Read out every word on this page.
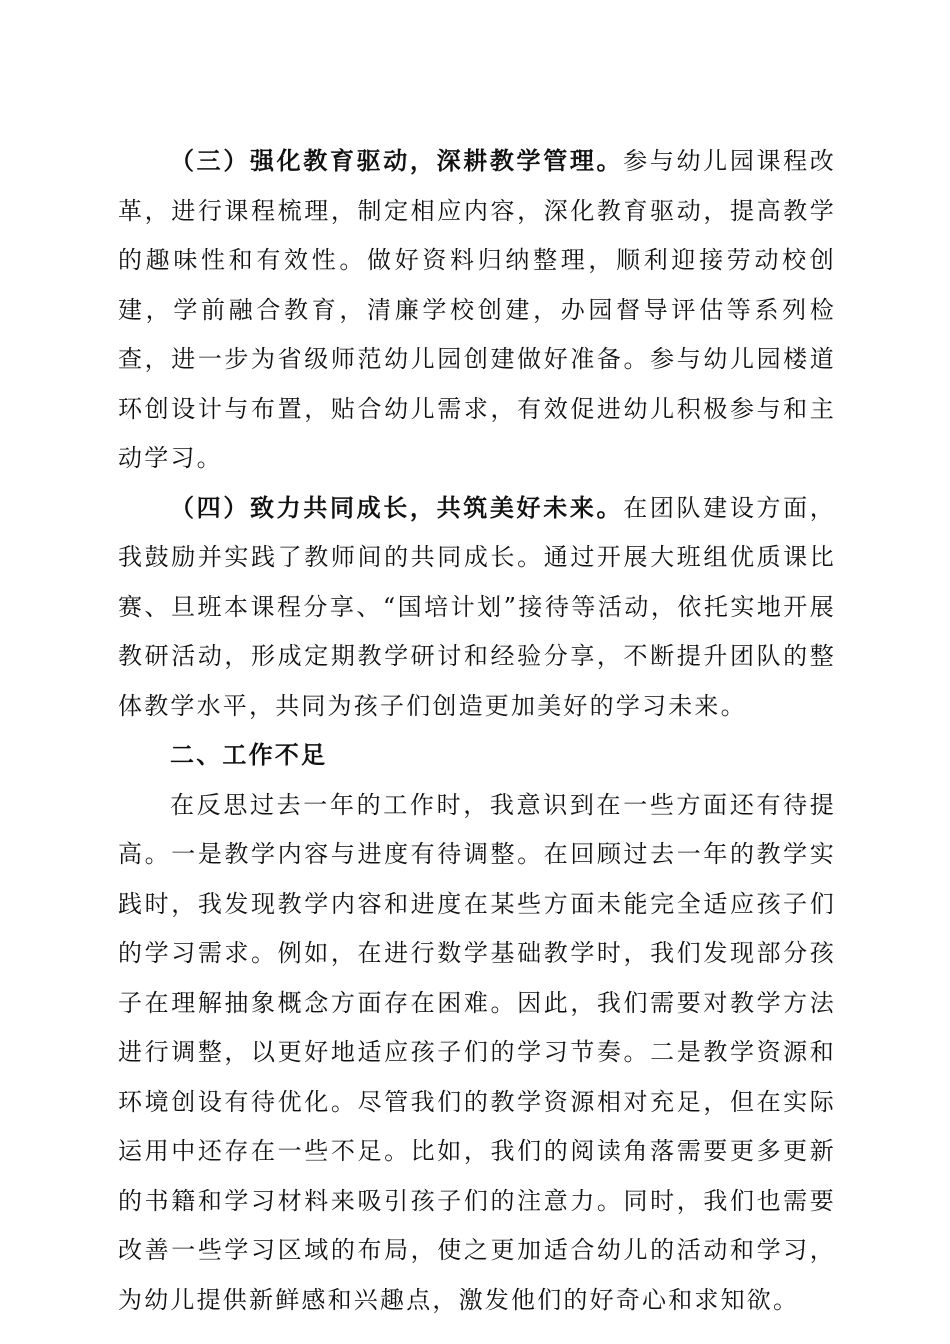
（三）强化教育驱动，深耕教学管理。参与幼儿园课程改革，进行课程梳理，制定相应内容，深化教育驱动，提高教学的趣味性和有效性。做好资料归纳整理，顺利迎接劳动校创建，学前融合教育，清廉学校创建，办园督导评估等系列检查，进一步为省级师范幼儿园创建做好准备。参与幼儿园楼道环创设计与布置，贴合幼儿需求，有效促进幼儿积极参与和主动学习。

（四）致力共同成长，共筑美好未来。在团队建设方面，我鼓励并实践了教师间的共同成长。通过开展大班组优质课比赛、旦班本课程分享、“国培计划”接待等活动，依托实地开展教研活动，形成定期教学研讨和经验分享，不断提升团队的整体教学水平，共同为孩子们创造更加美好的学习未来。

二、工作不足

在反思过去一年的工作时，我意识到在一些方面还有待提高。一是教学内容与进度有待调整。在回顾过去一年的教学实践时，我发现教学内容和进度在某些方面未能完全适应孩子们的学习需求。例如，在进行数学基础教学时，我们发现部分孩子在理解抽象概念方面存在困难。因此，我们需要对教学方法进行调整，以更好地适应孩子们的学习节奏。二是教学资源和环境创设有待优化。尽管我们的教学资源相对充足，但在实际运用中还存在一些不足。比如，我们的阅读角落需要更多更新的书籍和学习材料来吸引孩子们的注意力。同时，我们也需要改善一些学习区域的布局，使之更加适合幼儿的活动和学习，为幼儿提供新鲜感和兴趣点，激发他们的好奇心和求知欲。
